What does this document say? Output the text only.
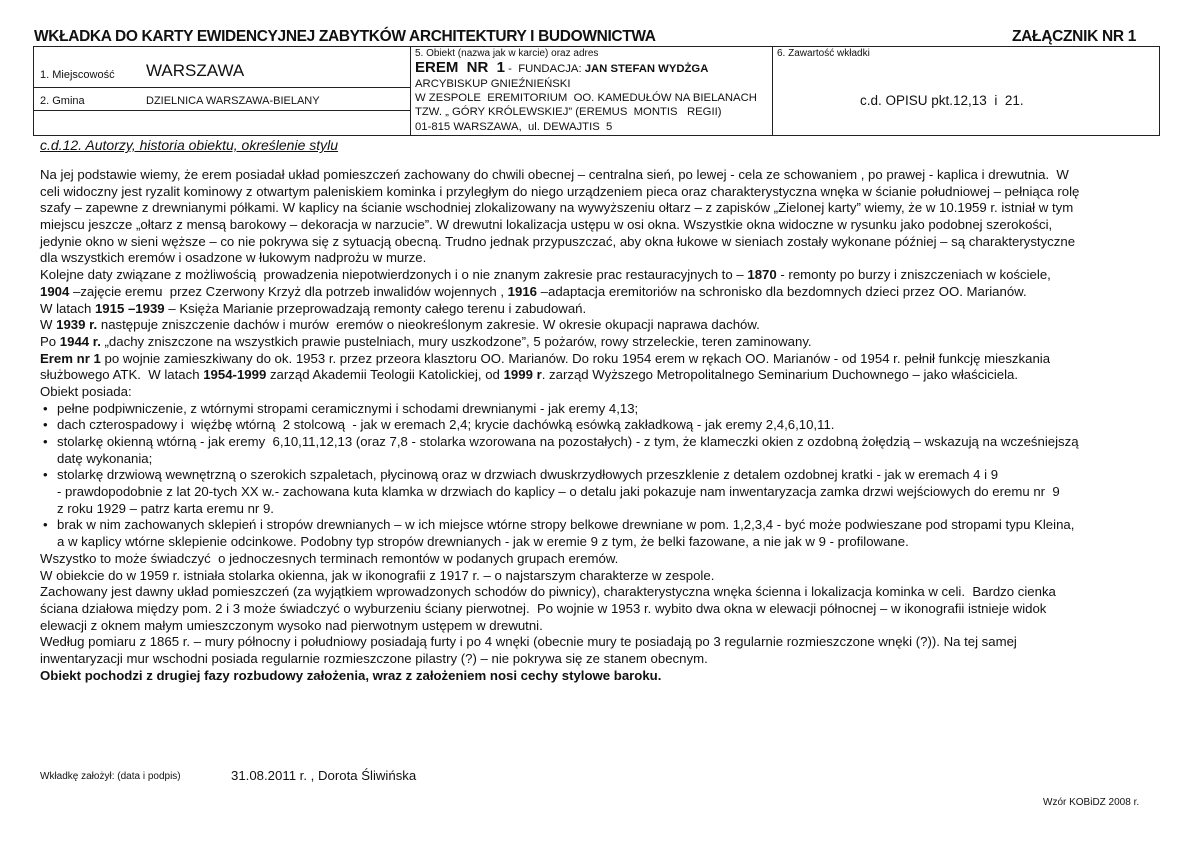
WKŁADKA DO KARTY EWIDENCYJNEJ ZABYTKÓW ARCHITEKTURY I BUDOWNICTWA	ZAŁĄCZNIK NR 1
1. Miejscowość WARSZAWA
2. Gmina	DZIELNICA WARSZAWA-BIELANY
5. Obiekt (nazwa jak w karcie) oraz adres
EREM  NR  1 -  FUNDACJA: JAN STEFAN WYDŻGA
ARCYBISKUP GNIEŹNIEŃSKI
W ZESPOLE  EREMITORIUM  OO. KAMEDUŁÓW NA BIELANACH
TZW. „ GÓRY KRÓLEWSKIEJ” (EREMUS  MONTIS   REGII)
01-815 WARSZAWA,  ul. DEWAJTIS  5
6. Zawartość wkładki
c.d. OPISU pkt.12,13  i  21.
c.d.12. Autorzy, historia obiektu, określenie stylu
Na jej podstawie wiemy, że erem posiadał układ pomieszczeń zachowany do chwili obecnej – centralna sień, po lewej - cela ze schowaniem , po prawej - kaplica i drewutnia.  W
celi widoczny jest ryzalit kominowy z otwartym paleniskiem kominka i przyległym do niego urządzeniem pieca oraz charakterystyczna wnęka w ścianie południowej – pełniąca rolę
szafy – zapewne z drewnianymi półkami. W kaplicy na ścianie wschodniej zlokalizowany na wywyższeniu ołtarz – z zapisków „Zielonej karty” wiemy, że w 10.1959 r. istniał w tym
miejscu jeszcze „ołtarz z mensą barokowy – dekoracja w narzucie”. W drewutni lokalizacja ustępu w osi okna. Wszystkie okna widoczne w rysunku jako podobnej szerokości,
jedynie okno w sieni węższe – co nie pokrywa się z sytuacją obecną. Trudno jednak przypuszczać, aby okna łukowe w sieniach zostały wykonane później – są charakterystyczne
dla wszystkich eremów i osadzone w łukowym nadprożu w murze.
Kolejne daty związane z możliwością  prowadzenia niepotwierdzonych i o nie znanym zakresie prac restauracyjnych to – 1870 - remonty po burzy i zniszczeniach w kościele,
1904 –zajęcie eremu  przez Czerwony Krzyż dla potrzeb inwalidów wojennych , 1916 –adaptacja eremitoriów na schronisko dla bezdomnych dzieci przez OO. Marianów.
W latach 1915 –1939 – Księża Marianie przeprowadzają remonty całego terenu i zabudowań.
W 1939 r. następuje zniszczenie dachów i murów  eremów o nieokreślonym zakresie. W okresie okupacji naprawa dachów.
Po 1944 r. „dachy zniszczone na wszystkich prawie pustelniach, mury uszkodzone”, 5 pożarów, rowy strzeleckie, teren zaminowany.
Erem nr 1 po wojnie zamieszkiwany do ok. 1953 r. przez przeora klasztoru OO. Marianów. Do roku 1954 erem w rękach OO. Marianów - od 1954 r. pełnił funkcję mieszkania
służbowego ATK.  W latach 1954-1999 zarząd Akademii Teologii Katolickiej, od 1999 r. zarząd Wyższego Metropolitalnego Seminarium Duchownego – jako właściciela.
Obiekt posiada:
• pełne podpiwniczenie, z wtórnymi stropami ceramicznymi i schodami drewnianymi - jak eremy 4,13;
• dach czterospadowy i  więźbę wtórną  2 stolcową  - jak w eremach 2,4; krycie dachówką esówką zakładkową - jak eremy 2,4,6,10,11.
• stolarkę okienną wtórną - jak eremy  6,10,11,12,13 (oraz 7,8 - stolarka wzorowana na pozostałych) - z tym, że klameczki okien z ozdobną żołędzią – wskazują na wcześniejszą
datę wykonania;
• stolarkę drzwiową wewnętrzną o szerokich szpaletach, płycinową oraz w drzwiach dwuskrzydłowych przeszklenie z detalem ozdobnej kratki - jak w eremach 4 i 9
- prawdopodobnie z lat 20-tych XX w.- zachowana kuta klamka w drzwiach do kaplicy – o detalu jaki pokazuje nam inwentaryzacja zamka drzwi wejściowych do eremu nr  9
z roku 1929 – patrz karta eremu nr 9.
• brak w nim zachowanych sklepień i stropów drewnianych – w ich miejsce wtórne stropy belkowe drewniane w pom. 1,2,3,4 - być może podwieszane pod stropami typu Kleina,
a w kaplicy wtórne sklepienie odcinkowe. Podobny typ stropów drewnianych - jak w eremie 9 z tym, że belki fazowane, a nie jak w 9 - profilowane.
Wszystko to może świadczyć  o jednoczesnych terminach remontów w podanych grupach eremów.
W obiekcie do w 1959 r. istniała stolarka okienna, jak w ikonografii z 1917 r. – o najstarszym charakterze w zespole.
Zachowany jest dawny układ pomieszczeń (za wyjątkiem wprowadzonych schodów do piwnicy), charakterystyczna wnęka ścienna i lokalizacja kominka w celi.  Bardzo cienka
ściana działowa między pom. 2 i 3 może świadczyć o wyburzeniu ściany pierwotnej.  Po wojnie w 1953 r. wybito dwa okna w elewacji północnej – w ikonografii istnieje widok
elewacji z oknem małym umieszczonym wysoko nad pierwotnym ustępem w drewutni.
Według pomiaru z 1865 r. – mury północny i południowy posiadają furty i po 4 wnęki (obecnie mury te posiadają po 3 regularnie rozmieszczone wnęki (?)). Na tej samej
inwentaryzacji mur wschodni posiada regularnie rozmieszczone pilastry (?) – nie pokrywa się ze stanem obecnym.
Obiekt pochodzi z drugiej fazy rozbudowy założenia, wraz z założeniem nosi cechy stylowe baroku.
Wkładkę założył: (data i podpis)	31.08.2011 r. , Dorota Śliwińska
Wzór KOBiDZ 2008 r.
